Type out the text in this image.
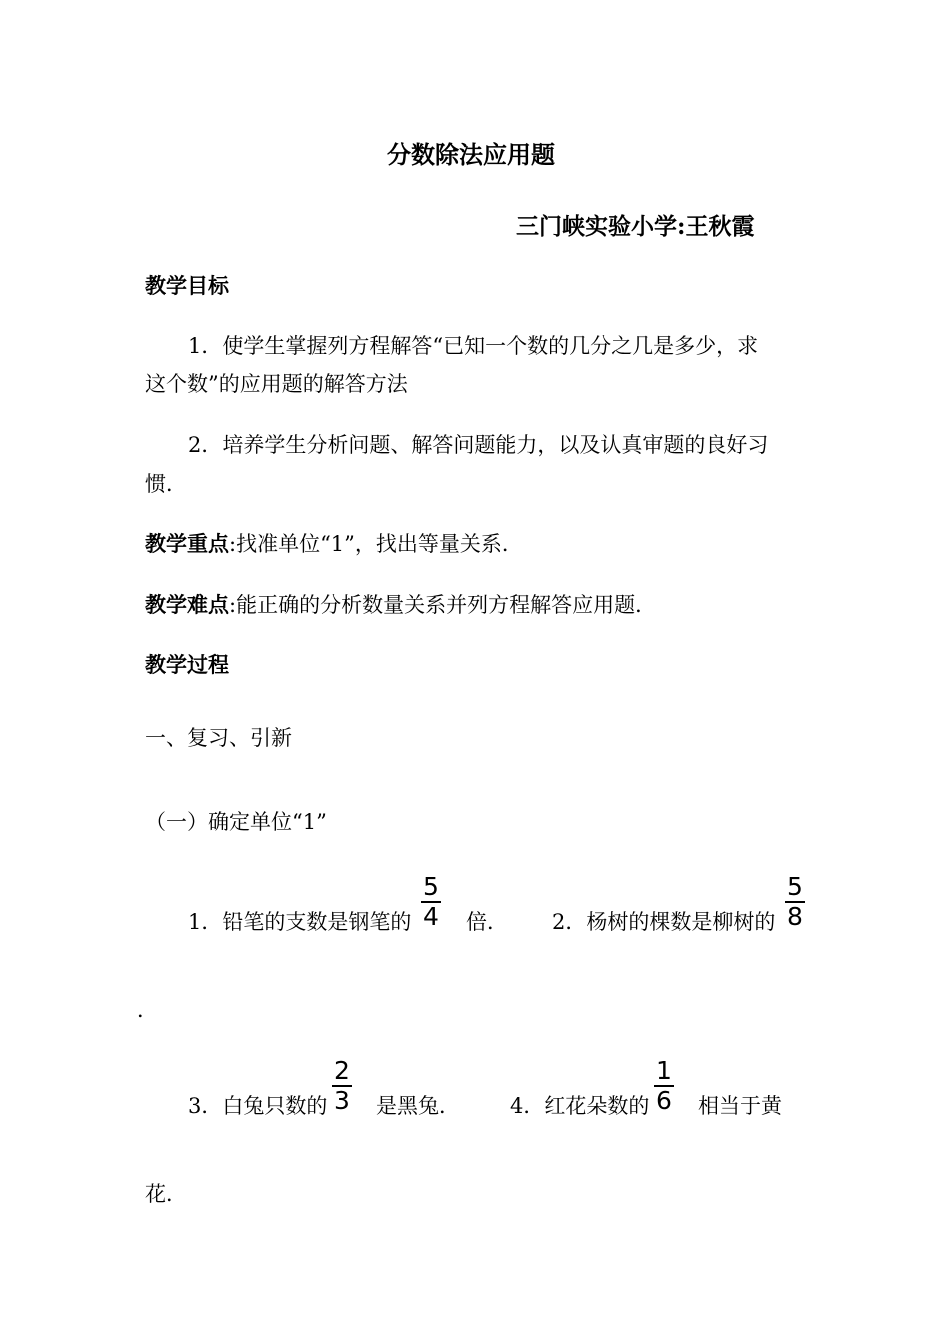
分数除法应用题
三门峡实验小学:王秋霞
教学目标
1．使学生掌握列方程解答“已知一个数的几分之几是多少，求
这个数”的应用题的解答方法
2．培养学生分析问题、解答问题能力，以及认真审题的良好习
惯．
教学重点:找准单位“1”，找出等量关系．
教学难点:能正确的分析数量关系并列方程解答应用题．
教学过程
一、复习、引新
（一）确定单位“1”
1．铅笔的支数是钢笔的
5
4 倍． 2．杨树的棵数是柳树的
5
8
．
3．白兔只数的
2
3 是黑兔． 4．红花朵数的
1
6 相当于黄
花．
